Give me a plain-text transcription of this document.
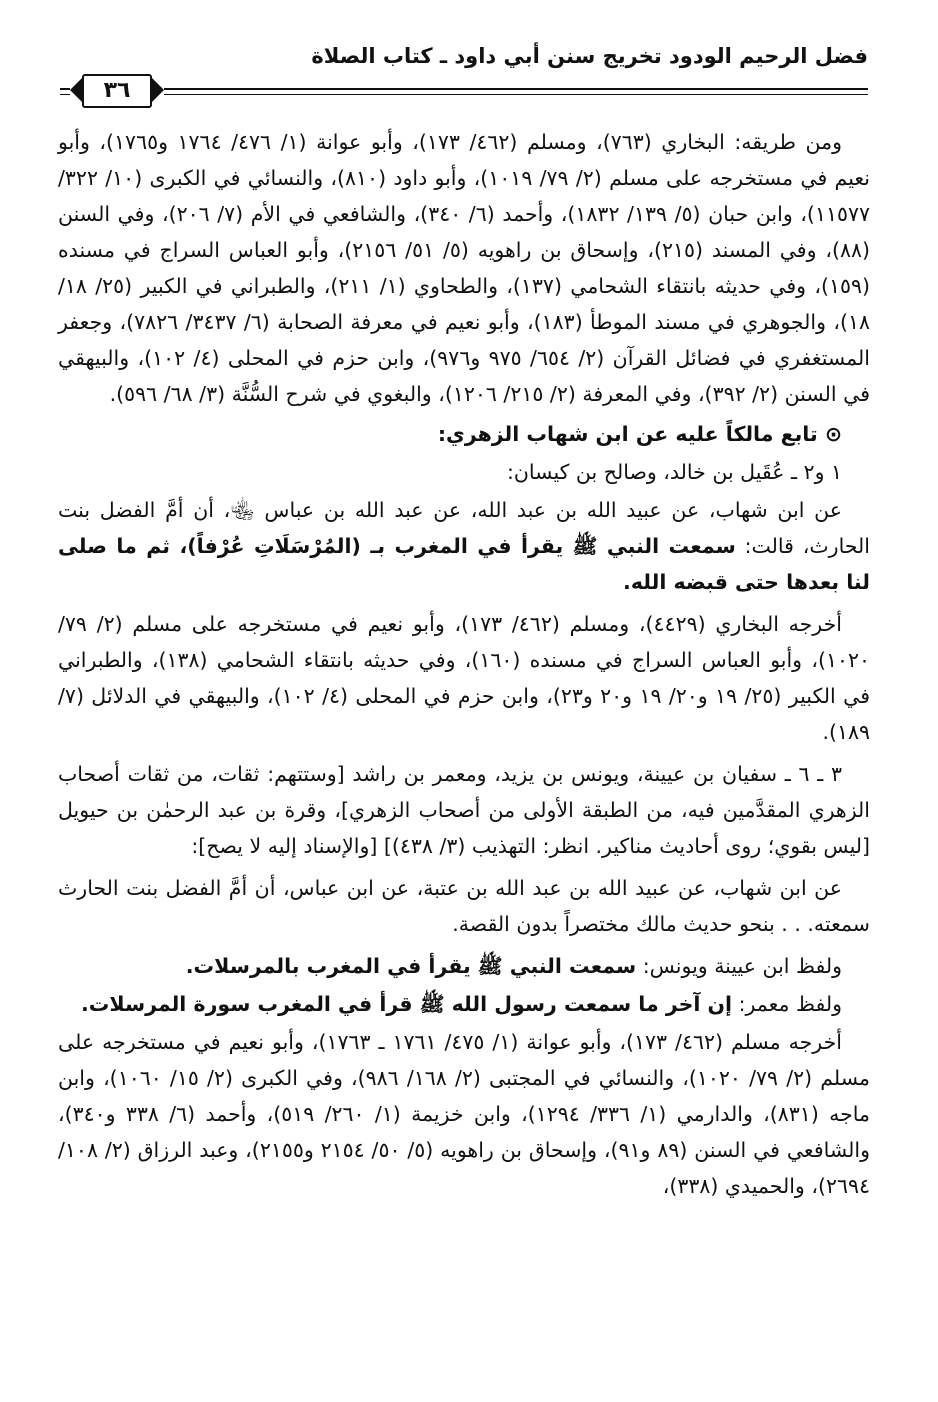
فضل الرحيم الودود تخريج سنن أبي داود ـ كتاب الصلاة
٣٦

ومن طريقه: البخاري (٧٦٣)، ومسلم (٤٦٢/ ١٧٣)، وأبو عوانة (١/ ٤٧٦/ ١٧٦٤ و١٧٦٥)، وأبو نعيم في مستخرجه على مسلم (٢/ ٧٩/ ١٠١٩)، وأبو داود (٨١٠)، والنسائي في الكبرى (١٠/ ٣٢٢/ ١١٥٧٧)، وابن حبان (٥/ ١٣٩/ ١٨٣٢)، وأحمد (٦/ ٣٤٠)، والشافعي في الأم (٧/ ٢٠٦)، وفي السنن (٨٨)، وفي المسند (٢١٥)، وإسحاق بن راهويه (٥/ ٥١/ ٢١٥٦)، وأبو العباس السراج في مسنده (١٥٩)، وفي حديثه بانتقاء الشحامي (١٣٧)، والطحاوي (١/ ٢١١)، والطبراني في الكبير (٢٥/ ١٨/ ١٨)، والجوهري في مسند الموطأ (١٨٣)، وأبو نعيم في معرفة الصحابة (٦/ ٣٤٣٧/ ٧٨٢٦)، وجعفر المستغفري في فضائل القرآن (٢/ ٦٥٤/ ٩٧٥ و٩٧٦)، وابن حزم في المحلى (٤/ ١٠٢)، والبيهقي في السنن (٢/ ٣٩٢)، وفي المعرفة (٢/ ٢١٥/ ١٢٠٦)، والبغوي في شرح السُّنَّة (٣/ ٦٨/ ٥٩٦).

⊙ تابع مالكاً عليه عن ابن شهاب الزهري:

١ و٢ ـ عُقَيل بن خالد، وصالح بن كيسان:

عن ابن شهاب، عن عبيد الله بن عبد الله، عن عبد الله بن عباس ﵄، أن أمَّ الفضل بنت الحارث، قالت: سمعت النبي ﷺ يقرأ في المغرب بـ (المُرْسَلَاتِ عُرْفاً)، ثم ما صلى لنا بعدها حتى قبضه الله.

أخرجه البخاري (٤٤٢٩)، ومسلم (٤٦٢/ ١٧٣)، وأبو نعيم في مستخرجه على مسلم (٢/ ٧٩/ ١٠٢٠)، وأبو العباس السراج في مسنده (١٦٠)، وفي حديثه بانتقاء الشحامي (١٣٨)، والطبراني في الكبير (٢٥/ ١٩ و٢٠/ ١٩ و٢٠ و٢٣)، وابن حزم في المحلى (٤/ ١٠٢)، والبيهقي في الدلائل (٧/ ١٨٩).

٣ ـ ٦ ـ سفيان بن عيينة، ويونس بن يزيد، ومعمر بن راشد [وستتهم: ثقات، من ثقات أصحاب الزهري المقدَّمين فيه، من الطبقة الأولى من أصحاب الزهري]، وقرة بن عبد الرحمٰن بن حيويل [ليس بقوي؛ روى أحاديث مناكير. انظر: التهذيب (٣/ ٤٣٨)] [والإسناد إليه لا يصح]:

عن ابن شهاب، عن عبيد الله بن عبد الله بن عتبة، عن ابن عباس، أن أمَّ الفضل بنت الحارث سمعته. . . بنحو حديث مالك مختصراً بدون القصة.

ولفظ ابن عيينة ويونس: سمعت النبي ﷺ يقرأ في المغرب بالمرسلات.

ولفظ معمر: إن آخر ما سمعت رسول الله ﷺ قرأ في المغرب سورة المرسلات.

أخرجه مسلم (٤٦٢/ ١٧٣)، وأبو عوانة (١/ ٤٧٥/ ١٧٦١ ـ ١٧٦٣)، وأبو نعيم في مستخرجه على مسلم (٢/ ٧٩/ ١٠٢٠)، والنسائي في المجتبى (٢/ ١٦٨/ ٩٨٦)، وفي الكبرى (٢/ ١٥/ ١٠٦٠)، وابن ماجه (٨٣١)، والدارمي (١/ ٣٣٦/ ١٢٩٤)، وابن خزيمة (١/ ٢٦٠/ ٥١٩)، وأحمد (٦/ ٣٣٨ و٣٤٠)، والشافعي في السنن (٨٩ و٩١)، وإسحاق بن راهويه (٥/ ٥٠/ ٢١٥٤ و٢١٥٥)، وعبد الرزاق (٢/ ١٠٨/ ٢٦٩٤)، والحميدي (٣٣٨)،
